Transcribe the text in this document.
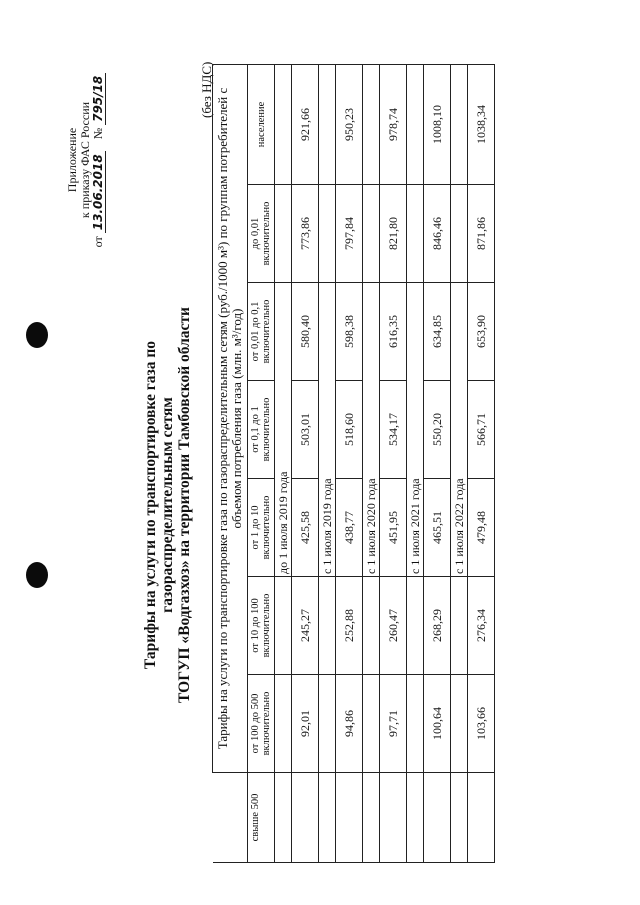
Приложение к приказу ФАС России
от 13.06.2018    № 795/18
Тарифы на услуги по транспортировке газа по газораспределительным сетям ТОГУП «Водгазхоз» на территории Тамбовской области
(без НДС)
	Тарифы на услуги по транспортировке газа по газораспределительным сетям (руб./1000 м³) по группам потребителей с объемом потребления газа (млн. м³/год)						
свыше 500	от 100 до 500 включительно	от 10 до 100 включительно	от 1 до 10 включительно	от 0,1 до 1 включительно	от 0,01 до 0,1 включительно	до 0,01 включительно	население
			до 1 июля 2019 года				
	92,01	245,27	425,58	503,01	580,40	773,86	921,66
			с 1 июля 2019 года				
	94,86	252,88	438,77	518,60	598,38	797,84	950,23
			с 1 июля 2020 года				
	97,71	260,47	451,95	534,17	616,35	821,80	978,74
			с 1 июля 2021 года				
	100,64	268,29	465,51	550,20	634,85	846,46	1008,10
			с 1 июля 2022 года				
	103,66	276,34	479,48	566,71	653,90	871,86	1038,34
